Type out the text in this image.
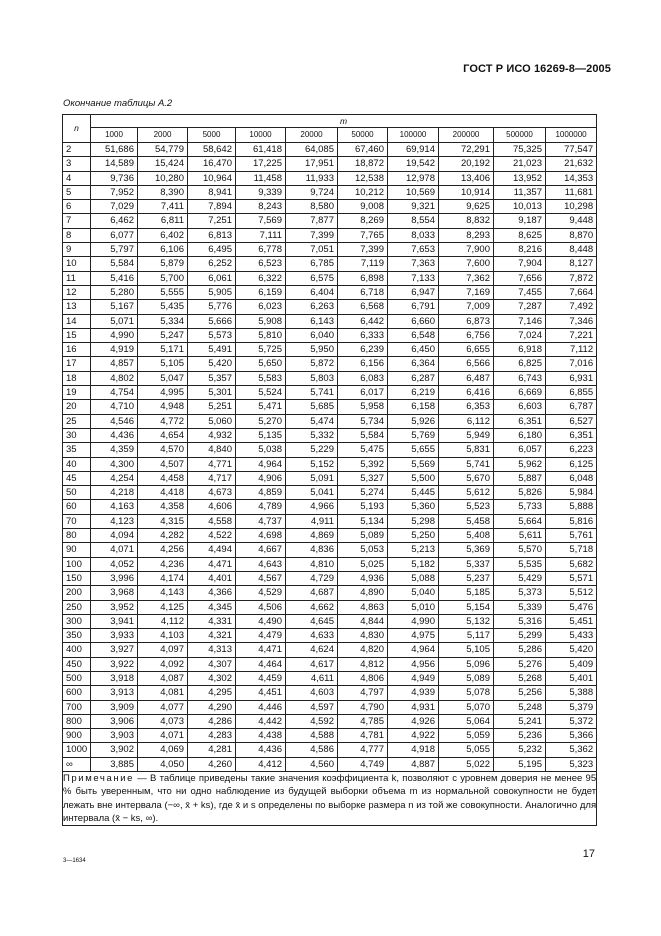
ГОСТ Р ИСО 16269-8—2005
Окончание таблицы А.2
n	m									
	1000	2000	5000	10000	20000	50000	100000	200000	500000	1000000
2	51,686	54,779	58,642	61,418	64,085	67,460	69,914	72,291	75,325	77,547
3	14,589	15,424	16,470	17,225	17,951	18,872	19,542	20,192	21,023	21,632
4	9,736	10,280	10,964	11,458	11,933	12,538	12,978	13,406	13,952	14,353
5	7,952	8,390	8,941	9,339	9,724	10,212	10,569	10,914	11,357	11,681
6	7,029	7,411	7,894	8,243	8,580	9,008	9,321	9,625	10,013	10,298
7	6,462	6,811	7,251	7,569	7,877	8,269	8,554	8,832	9,187	9,448
8	6,077	6,402	6,813	7,111	7,399	7,765	8,033	8,293	8,625	8,870
9	5,797	6,106	6,495	6,778	7,051	7,399	7,653	7,900	8,216	8,448
10	5,584	5,879	6,252	6,523	6,785	7,119	7,363	7,600	7,904	8,127
11	5,416	5,700	6,061	6,322	6,575	6,898	7,133	7,362	7,656	7,872
12	5,280	5,555	5,905	6,159	6,404	6,718	6,947	7,169	7,455	7,664
13	5,167	5,435	5,776	6,023	6,263	6,568	6,791	7,009	7,287	7,492
14	5,071	5,334	5,666	5,908	6,143	6,442	6,660	6,873	7,146	7,346
15	4,990	5,247	5,573	5,810	6,040	6,333	6,548	6,756	7,024	7,221
16	4,919	5,171	5,491	5,725	5,950	6,239	6,450	6,655	6,918	7,112
17	4,857	5,105	5,420	5,650	5,872	6,156	6,364	6,566	6,825	7,016
18	4,802	5,047	5,357	5,583	5,803	6,083	6,287	6,487	6,743	6,931
19	4,754	4,995	5,301	5,524	5,741	6,017	6,219	6,416	6,669	6,855
20	4,710	4,948	5,251	5,471	5,685	5,958	6,158	6,353	6,603	6,787
25	4,546	4,772	5,060	5,270	5,474	5,734	5,926	6,112	6,351	6,527
30	4,436	4,654	4,932	5,135	5,332	5,584	5,769	5,949	6,180	6,351
35	4,359	4,570	4,840	5,038	5,229	5,475	5,655	5,831	6,057	6,223
40	4,300	4,507	4,771	4,964	5,152	5,392	5,569	5,741	5,962	6,125
45	4,254	4,458	4,717	4,906	5,091	5,327	5,500	5,670	5,887	6,048
50	4,218	4,418	4,673	4,859	5,041	5,274	5,445	5,612	5,826	5,984
60	4,163	4,358	4,606	4,789	4,966	5,193	5,360	5,523	5,733	5,888
70	4,123	4,315	4,558	4,737	4,911	5,134	5,298	5,458	5,664	5,816
80	4,094	4,282	4,522	4,698	4,869	5,089	5,250	5,408	5,611	5,761
90	4,071	4,256	4,494	4,667	4,836	5,053	5,213	5,369	5,570	5,718
100	4,052	4,236	4,471	4,643	4,810	5,025	5,182	5,337	5,535	5,682
150	3,996	4,174	4,401	4,567	4,729	4,936	5,088	5,237	5,429	5,571
200	3,968	4,143	4,366	4,529	4,687	4,890	5,040	5,185	5,373	5,512
250	3,952	4,125	4,345	4,506	4,662	4,863	5,010	5,154	5,339	5,476
300	3,941	4,112	4,331	4,490	4,645	4,844	4,990	5,132	5,316	5,451
350	3,933	4,103	4,321	4,479	4,633	4,830	4,975	5,117	5,299	5,433
400	3,927	4,097	4,313	4,471	4,624	4,820	4,964	5,105	5,286	5,420
450	3,922	4,092	4,307	4,464	4,617	4,812	4,956	5,096	5,276	5,409
500	3,918	4,087	4,302	4,459	4,611	4,806	4,949	5,089	5,268	5,401
600	3,913	4,081	4,295	4,451	4,603	4,797	4,939	5,078	5,256	5,388
700	3,909	4,077	4,290	4,446	4,597	4,790	4,931	5,070	5,248	5,379
800	3,906	4,073	4,286	4,442	4,592	4,785	4,926	5,064	5,241	5,372
900	3,903	4,071	4,283	4,438	4,588	4,781	4,922	5,059	5,236	5,366
1000	3,902	4,069	4,281	4,436	4,586	4,777	4,918	5,055	5,232	5,362
∞	3,885	4,050	4,260	4,412	4,560	4,749	4,887	5,022	5,195	5,323
Примечание — В таблице приведены такие значения коэффициента k, позволяют с уровнем доверия не менее 95 % быть уверенным, что ни одно наблюдение из будущей выборки объема m из нормальной совокупности не будет лежать вне интервала (−∞, x̄ + ks), где x̄ и s определены по выборке размера n из той же совокупности. Аналогично для интервала (x̄ − ks, ∞).										
3—1634
17
